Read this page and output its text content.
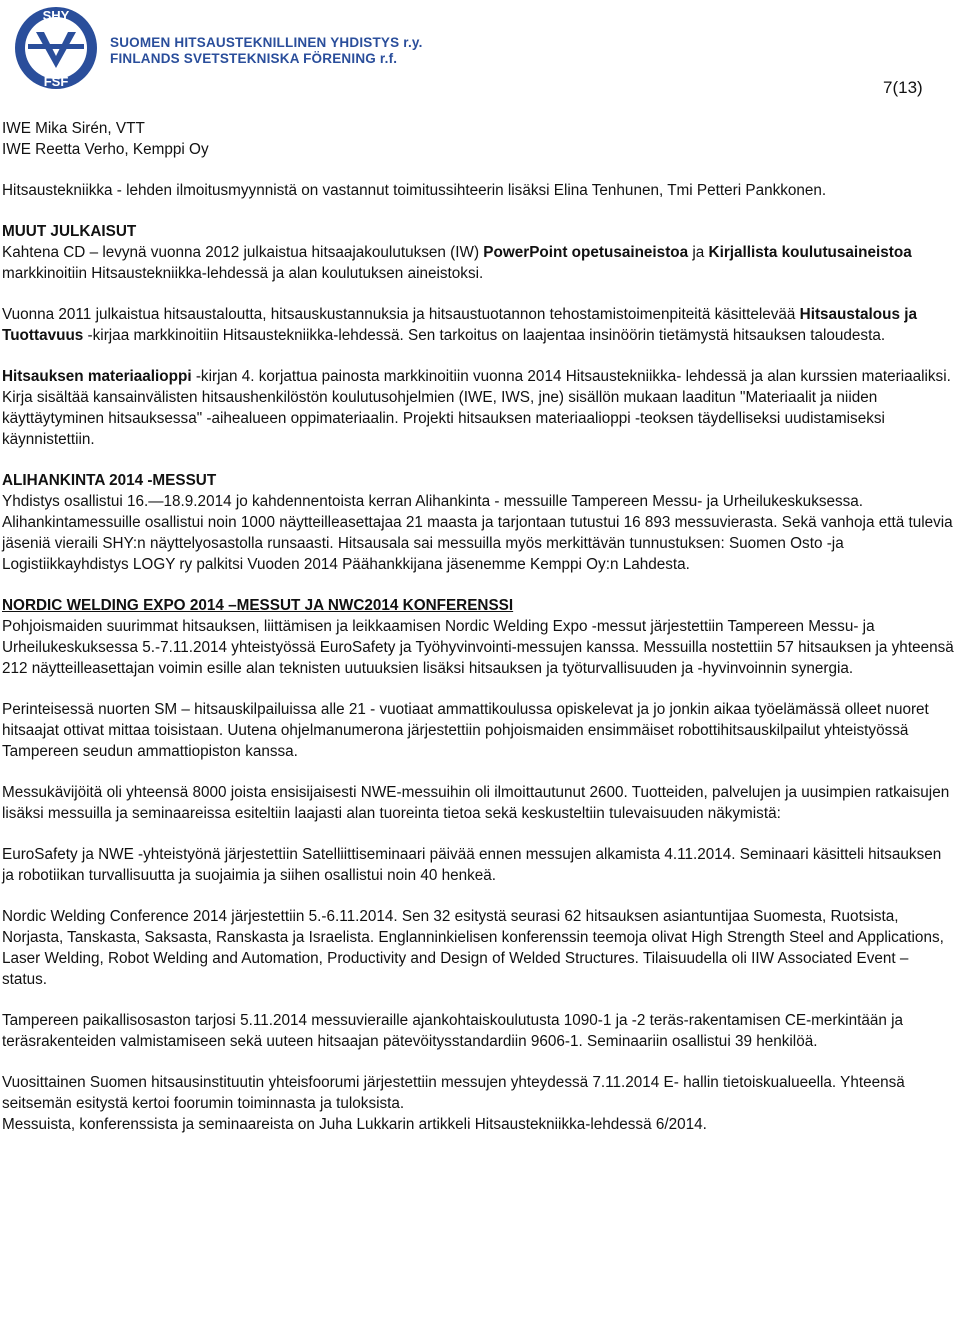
SHY
FSF
SUOMEN HITSAUSTEKNILLINEN YHDISTYS r.y.
FINLANDS SVETSTEKNISKA FÖRENING r.f.
7(13)

IWE Mika Sirén, VTT
IWE Reetta Verho, Kemppi Oy

Hitsaustekniikka - lehden ilmoitusmyynnistä on vastannut toimitussihteerin lisäksi Elina Tenhunen, Tmi Petteri Pankkonen.

MUUT JULKAISUT
Kahtena CD – levynä vuonna 2012 julkaistua hitsaajakoulutuksen (IW) PowerPoint opetusaineistoa ja Kirjallista koulutusaineistoa markkinoitiin Hitsaustekniikka-lehdessä ja alan koulutuksen aineistoksi.

Vuonna 2011 julkaistua hitsaustaloutta, hitsauskustannuksia ja hitsaustuotannon tehostamistoimenpiteitä käsittelevää Hitsaustalous ja Tuottavuus -kirjaa markkinoitiin Hitsaustekniikka-lehdessä. Sen tarkoitus on laajentaa insinöörin tietämystä hitsauksen taloudesta.

Hitsauksen materiaalioppi -kirjan 4. korjattua painosta markkinoitiin vuonna 2014 Hitsaustekniikka- lehdessä ja alan kurssien materiaaliksi. Kirja sisältää kansainvälisten hitsaushenkilöstön koulutusohjelmien (IWE, IWS, jne) sisällön mukaan laaditun "Materiaalit ja niiden käyttäytyminen hitsauksessa" -aihealueen oppimateriaalin. Projekti hitsauksen materiaalioppi -teoksen täydelliseksi uudistamiseksi käynnistettiin.

ALIHANKINTA 2014 -MESSUT
Yhdistys osallistui 16.—18.9.2014 jo kahdennentoista kerran Alihankinta - messuille Tampereen Messu- ja Urheilukeskuksessa. Alihankintamessuille osallistui noin 1000 näytteilleasettajaa 21 maasta ja tarjontaan tutustui 16 893 messuvierasta. Sekä vanhoja että tulevia jäseniä vieraili SHY:n näyttelyosastolla runsaasti. Hitsausala sai messuilla myös merkittävän tunnustuksen: Suomen Osto -ja Logistiikkayhdistys LOGY ry palkitsi Vuoden 2014 Päähankkijana jäsenemme Kemppi Oy:n Lahdesta.

NORDIC WELDING EXPO 2014 –MESSUT JA NWC2014 KONFERENSSI
Pohjoismaiden suurimmat hitsauksen, liittämisen ja leikkaamisen Nordic Welding Expo -messut järjestettiin Tampereen Messu- ja Urheilukeskuksessa 5.-7.11.2014 yhteistyössä EuroSafety ja Työhyvinvointi-messujen kanssa. Messuilla nostettiin 57 hitsauksen ja yhteensä 212 näytteilleasettajan voimin esille alan teknisten uutuuksien lisäksi hitsauksen ja työturvallisuuden ja -hyvinvoinnin synergia.

Perinteisessä nuorten SM – hitsauskilpailuissa alle 21 - vuotiaat ammattikoulussa opiskelevat ja jo jonkin aikaa työelämässä olleet nuoret hitsaajat ottivat mittaa toisistaan. Uutena ohjelmanumerona järjestettiin pohjoismaiden ensimmäiset robottihitsauskilpailut yhteistyössä Tampereen seudun ammattiopiston kanssa.

Messukävijöitä oli yhteensä 8000 joista ensisijaisesti NWE-messuihin oli ilmoittautunut 2600. Tuotteiden, palvelujen ja uusimpien ratkaisujen lisäksi messuilla ja seminaareissa esiteltiin laajasti alan tuoreinta tietoa sekä keskusteltiin tulevaisuuden näkymistä:

EuroSafety ja NWE -yhteistyönä järjestettiin Satelliittiseminaari päivää ennen messujen alkamista 4.11.2014. Seminaari käsitteli hitsauksen ja robotiikan turvallisuutta ja suojaimia ja siihen osallistui noin 40 henkeä.

Nordic Welding Conference 2014 järjestettiin 5.-6.11.2014. Sen 32 esitystä seurasi 62 hitsauksen asiantuntijaa Suomesta, Ruotsista, Norjasta, Tanskasta, Saksasta, Ranskasta ja Israelista. Englanninkielisen konferenssin teemoja olivat High Strength Steel and Applications, Laser Welding, Robot Welding and Automation, Productivity and Design of Welded Structures. Tilaisuudella oli IIW Associated Event – status.

Tampereen paikallisosaston tarjosi 5.11.2014 messuvieraille ajankohtaiskoulutusta 1090-1 ja -2 teräs-rakentamisen CE-merkintään ja teräsrakenteiden valmistamiseen sekä uuteen hitsaajan pätevöitysstandardiin 9606-1. Seminaariin osallistui 39 henkilöä.

Vuosittainen Suomen hitsausinstituutin yhteisfoorumi järjestettiin messujen yhteydessä 7.11.2014 E- hallin tietoiskualueella. Yhteensä seitsemän esitystä kertoi foorumin toiminnasta ja tuloksista.
Messuista, konferenssista ja seminaareista on Juha Lukkarin artikkeli Hitsaustekniikka-lehdessä 6/2014.
